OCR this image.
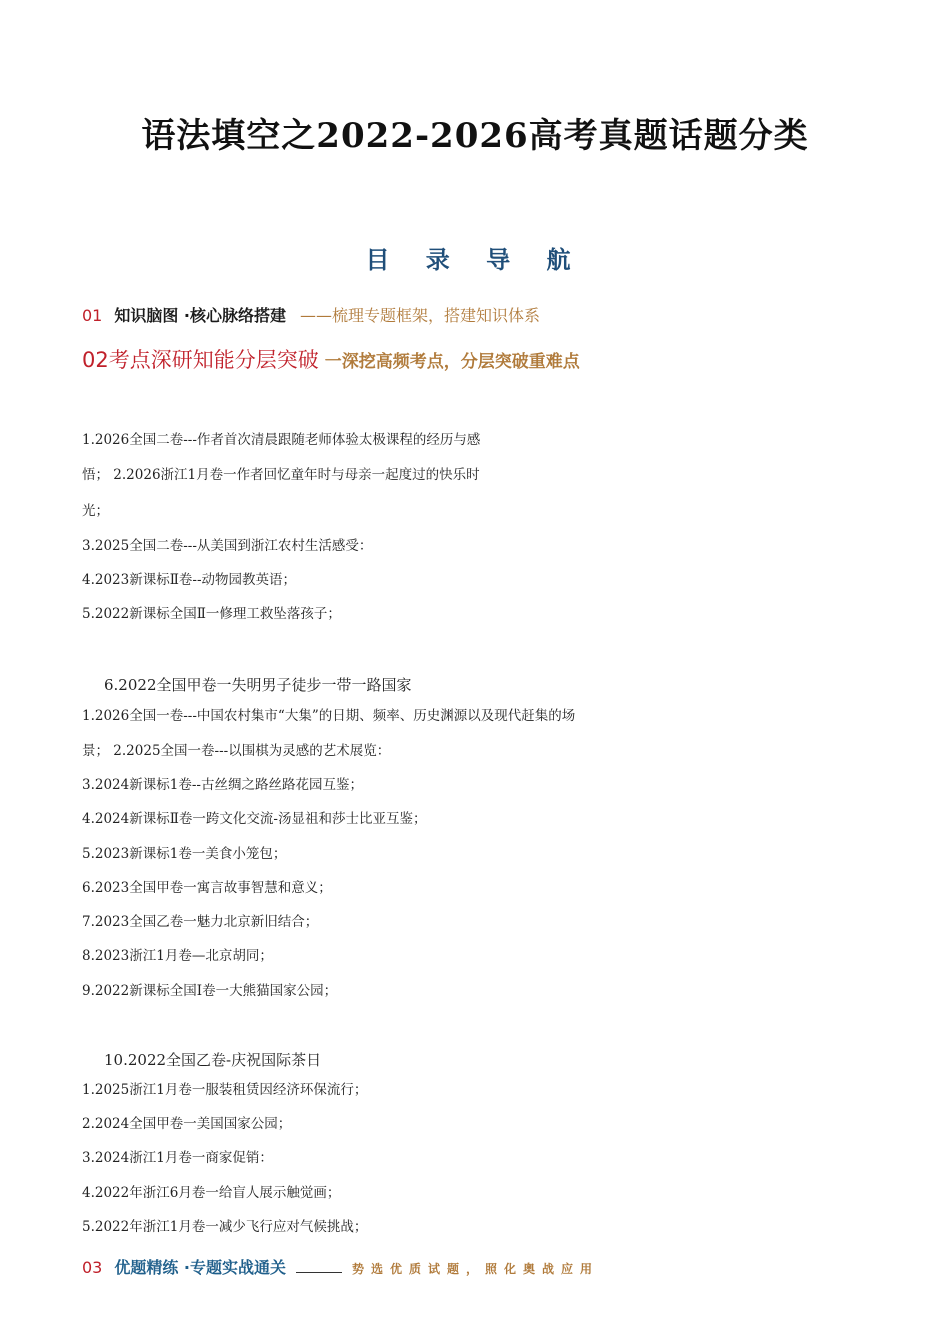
语法填空之2022-2026高考真题话题分类
目 录 导 航
01 知识脑图 ·核心脉络搭建 ——梳理专题框架，搭建知识体系
02考点深研知能分层突破 一深挖高频考点，分层突破重难点
1.2026全国二卷---作者首次清晨跟随老师体验太极课程的经历与感
悟； 2.2026浙江1月卷一作者回忆童年时与母亲一起度过的快乐时
光；
3.2025全国二卷---从美国到浙江农村生活感受：
4.2023新课标Ⅱ卷--动物园教英语；
5.2022新课标全国Ⅱ一修理工救坠落孩子；
6.2022全国甲卷一失明男子徒步一带一路国家
1.2026全国一卷---中国农村集市“大集”的日期、频率、历史渊源以及现代赶集的场
景； 2.2025全国一卷---以围棋为灵感的艺术展览：
3.2024新课标1卷--古丝绸之路丝路花园互鉴；
4.2024新课标Ⅱ卷一跨文化交流-汤显祖和莎士比亚互鉴；
5.2023新课标1卷一美食小笼包；
6.2023全国甲卷一寓言故事智慧和意义；
7.2023全国乙卷一魅力北京新旧结合；
8.2023浙江1月卷—北京胡同；
9.2022新课标全国Ⅰ卷一大熊猫国家公园；
10.2022全国乙卷-庆祝国际茶日
1.2025浙江1月卷一服装租赁因经济环保流行；
2.2024全国甲卷一美国国家公园；
3.2024浙江1月卷一商家促销：
4.2022年浙江6月卷一给盲人展示触觉画；
5.2022年浙江1月卷一减少飞行应对气候挑战；
03 优题精练 ·专题实战通关	势选优质试题，照化奥战应用
